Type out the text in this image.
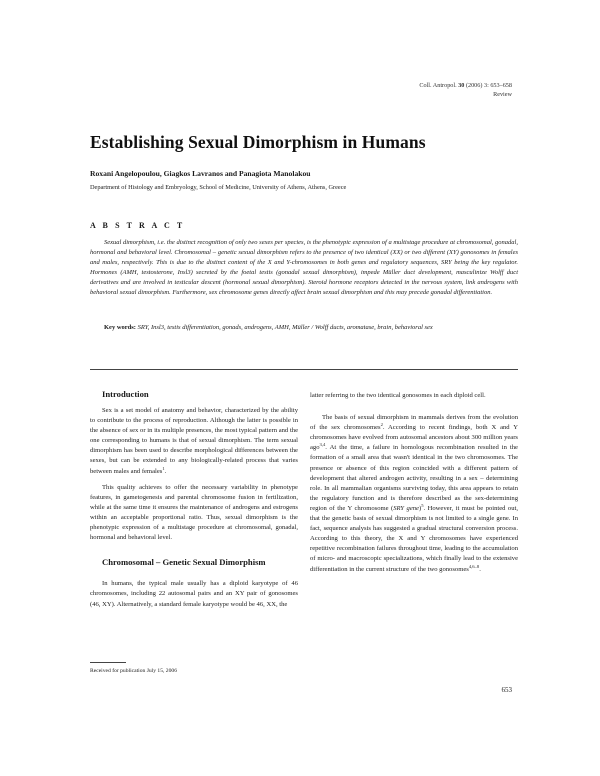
Coll. Antropol. 30 (2006) 3: 653–658
Review
Establishing Sexual Dimorphism in Humans
Roxani Angelopoulou, Giagkos Lavranos and Panagiota Manolakou
Department of Histology and Embryology, School of Medicine, University of Athens, Athens, Greece
A B S T R A C T
Sexual dimorphism, i.e. the distinct recognition of only two sexes per species, is the phenotypic expression of a multistage procedure at chromosomal, gonadal, hormonal and behavioral level. Chromosomal – genetic sexual dimorphism refers to the presence of two identical (XX) or two different (XY) gonosomes in females and males, respectively. This is due to the distinct content of the X and Y-chromosomes in both genes and regulatory sequences, SRY being the key regulator. Hormones (AMH, testosterone, Insl3) secreted by the foetal testis (gonadal sexual dimorphism), impede Müller duct development, masculinize Wolff duct derivatives and are involved in testicular descent (hormonal sexual dimorphism). Steroid hormone receptors detected in the nervous system, link androgens with behavioral sexual dimorphism. Furthermore, sex chromosome genes directly affect brain sexual dimorphism and this may precede gonadal differentiation.
Key words: SRY, Insl3, testis differentiation, gonads, androgens, AMH, Müller / Wolff ducts, aromatase, brain, behavioral sex

Introduction

Sex is a set model of anatomy and behavior, characterized by the ability to contribute to the process of reproduction. Although the latter is possible in the absence of sex or in its multiple presences, the most typical pattern and the one corresponding to humans is that of sexual dimorphism. The term sexual dimorphism has been used to describe morphological differences between the sexes, but can be extended to any biologically-related process that varies between males and females$^1$.

This quality achieves to offer the necessary variability in phenotype features, in gametogenesis and parental chromosome fusion in fertilization, while at the same time it ensures the maintenance of androgens and estrogens within an acceptable proportional ratio. Thus, sexual dimorphism is the phenotypic expression of a multistage procedure at chromosomal, gonadal, hormonal and behavioral level.

Chromosomal – Genetic Sexual Dimorphism

In humans, the typical male usually has a diploid karyotype of 46 chromosomes, including 22 autosomal pairs and an XY pair of gonosomes (46, XY). Alternatively, a standard female karyotype would be 46, XX, the

latter referring to the two identical gonosomes in each diploid cell.

The basis of sexual dimorphism in mammals derives from the evolution of the sex chromosomes$^2$. According to recent findings, both X and Y chromosomes have evolved from autosomal ancestors about 300 million years ago$^{3,4}$. At the time, a failure in homologous recombination resulted in the formation of a small area that wasn't identical in the two chromosomes. The presence or absence of this region coincided with a different pattern of development that altered androgen activity, resulting in a sex – determining role. In all mammalian organisms surviving today, this area appears to retain the regulatory function and is therefore described as the sex-determining region of the Y chromosome (SRY gene)$^5$. However, it must be pointed out, that the genetic basis of sexual dimorphism is not limited to a single gene. In fact, sequence analysis has suggested a gradual structural conversion process. According to this theory, the X and Y chromosomes have experienced repetitive recombination failures throughout time, leading to the accumulation of micro- and macroscopic specializations, which finally lead to the extensive differentiation in the current structure of the two gonosomes$^{4,6-8}$.

Received for publication July 15, 2006
653
